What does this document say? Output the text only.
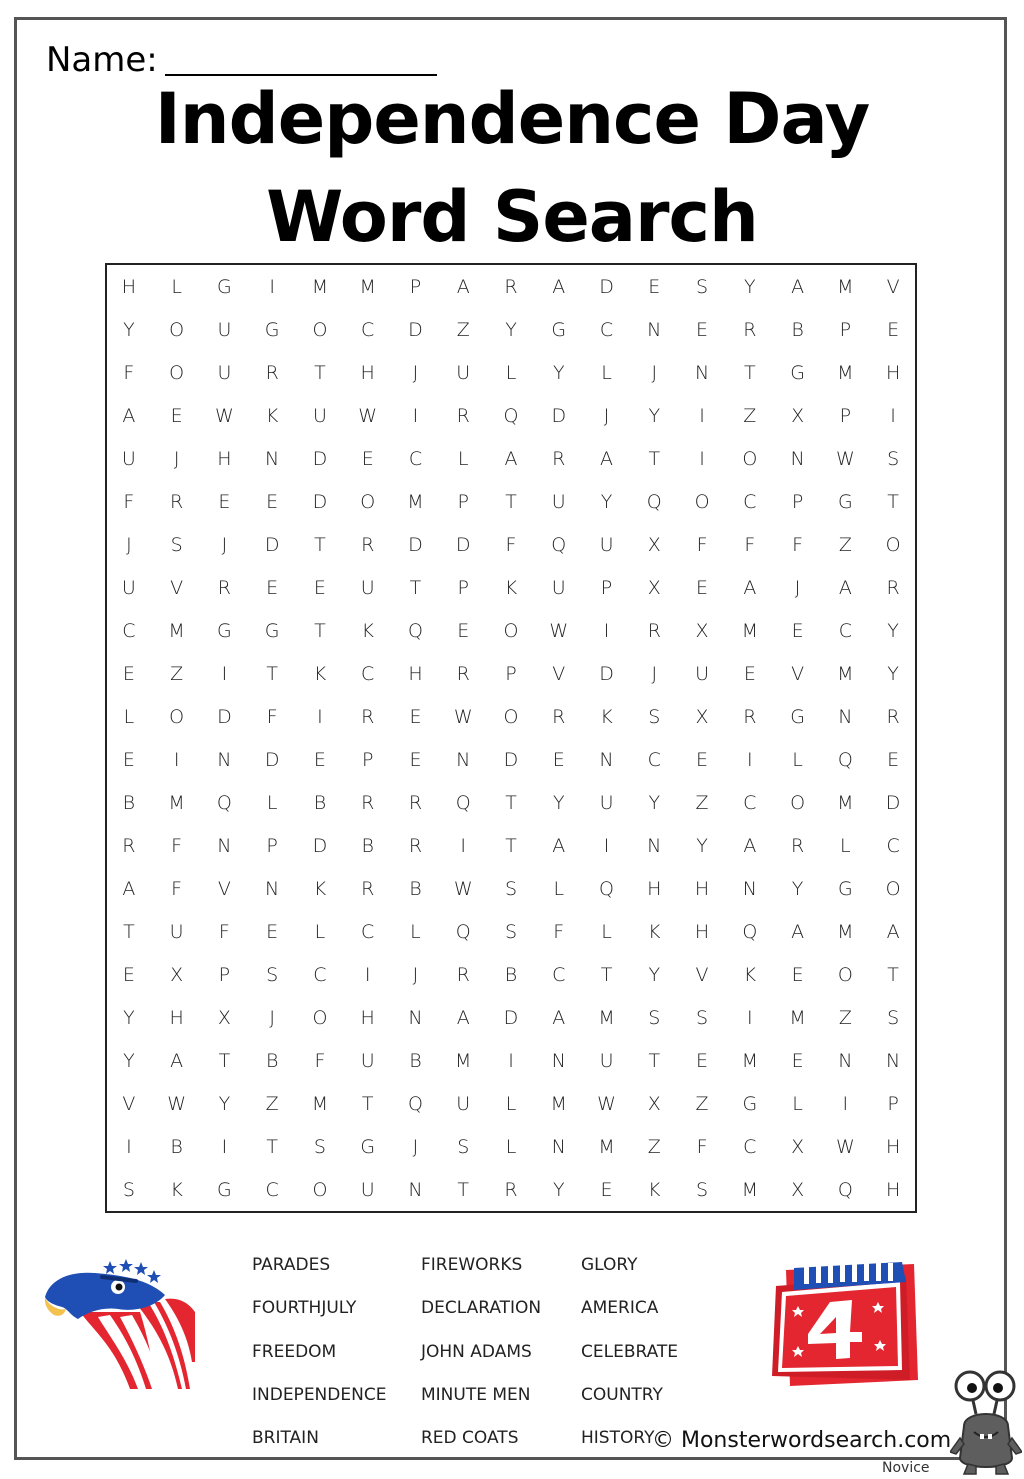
Name:
Independence Day
Word Search
H	L	G	I	M	M	P	A	R	A	D	E	S	Y	A	M	V
Y	O	U	G	O	C	D	Z	Y	G	C	N	E	R	B	P	E
F	O	U	R	T	H	J	U	L	Y	L	J	N	T	G	M	H
A	E	W	K	U	W	I	R	Q	D	J	Y	I	Z	X	P	I
U	J	H	N	D	E	C	L	A	R	A	T	I	O	N	W	S
F	R	E	E	D	O	M	P	T	U	Y	Q	O	C	P	G	T
J	S	J	D	T	R	D	D	F	Q	U	X	F	F	F	Z	O
U	V	R	E	E	U	T	P	K	U	P	X	E	A	J	A	R
C	M	G	G	T	K	Q	E	O	W	I	R	X	M	E	C	Y
E	Z	I	T	K	C	H	R	P	V	D	J	U	E	V	M	Y
L	O	D	F	I	R	E	W	O	R	K	S	X	R	G	N	R
E	I	N	D	E	P	E	N	D	E	N	C	E	I	L	Q	E
B	M	Q	L	B	R	R	Q	T	Y	U	Y	Z	C	O	M	D
R	F	N	P	D	B	R	I	T	A	I	N	Y	A	R	L	C
A	F	V	N	K	R	B	W	S	L	Q	H	H	N	Y	G	O
T	U	F	E	L	C	L	Q	S	F	L	K	H	Q	A	M	A
E	X	P	S	C	I	J	R	B	C	T	Y	V	K	E	O	T
Y	H	X	J	O	H	N	A	D	A	M	S	S	I	M	Z	S
Y	A	T	B	F	U	B	M	I	N	U	T	E	M	E	N	N
V	W	Y	Z	M	T	Q	U	L	M	W	X	Z	G	L	I	P
I	B	I	T	S	G	J	S	L	N	M	Z	F	C	X	W	H
S	K	G	C	O	U	N	T	R	Y	E	K	S	M	X	Q	H
PARADES
FOURTHJULY
FREEDOM
INDEPENDENCE
BRITAIN
FIREWORKS
DECLARATION
JOHN ADAMS
MINUTE MEN
RED COATS
GLORY
AMERICA
CELEBRATE
COUNTRY
HISTORY
© Monsterwordsearch.com
Novice
